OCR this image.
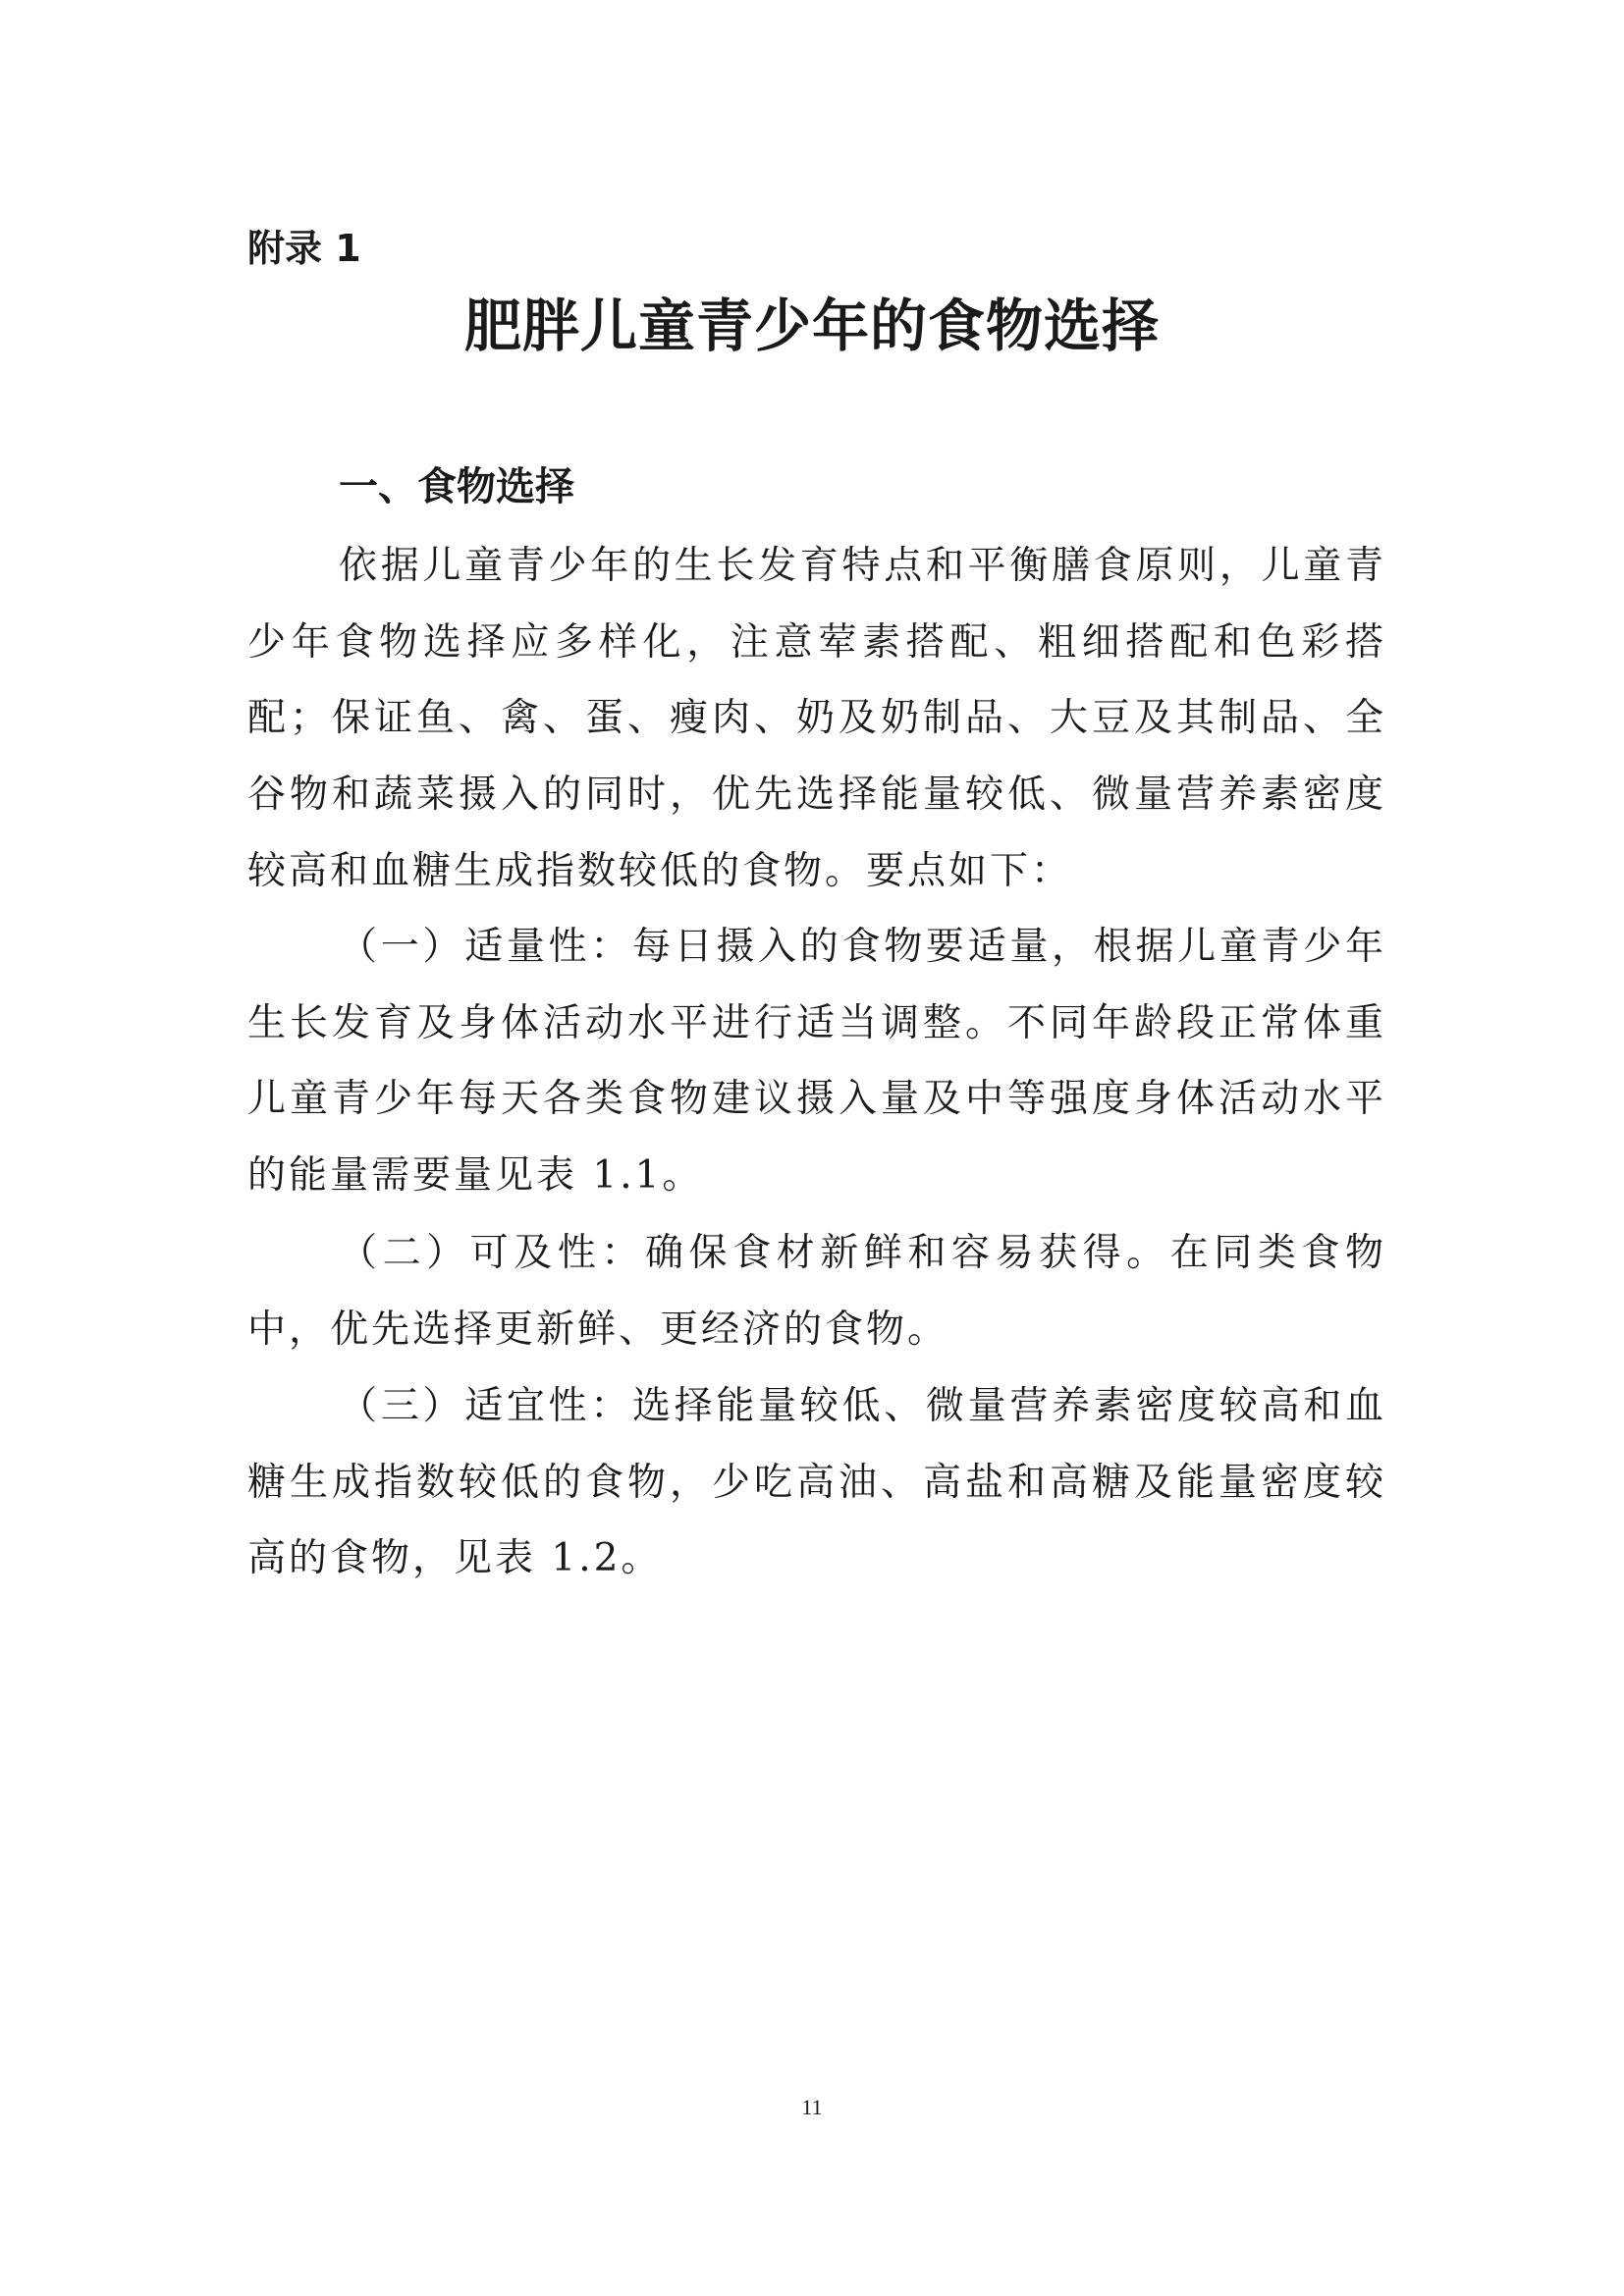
附录 1
肥胖儿童青少年的食物选择
一、食物选择

依据儿童青少年的生长发育特点和平衡膳食原则，儿童青少年食物选择应多样化，注意荤素搭配、粗细搭配和色彩搭配；保证鱼、禽、蛋、瘦肉、奶及奶制品、大豆及其制品、全谷物和蔬菜摄入的同时，优先选择能量较低、微量营养素密度较高和血糖生成指数较低的食物。要点如下：

（一）适量性：每日摄入的食物要适量，根据儿童青少年生长发育及身体活动水平进行适当调整。不同年龄段正常体重儿童青少年每天各类食物建议摄入量及中等强度身体活动水平的能量需要量见表 1.1。

（二）可及性：确保食材新鲜和容易获得。在同类食物中，优先选择更新鲜、更经济的食物。

（三）适宜性：选择能量较低、微量营养素密度较高和血糖生成指数较低的食物，少吃高油、高盐和高糖及能量密度较高的食物，见表 1.2。

11
